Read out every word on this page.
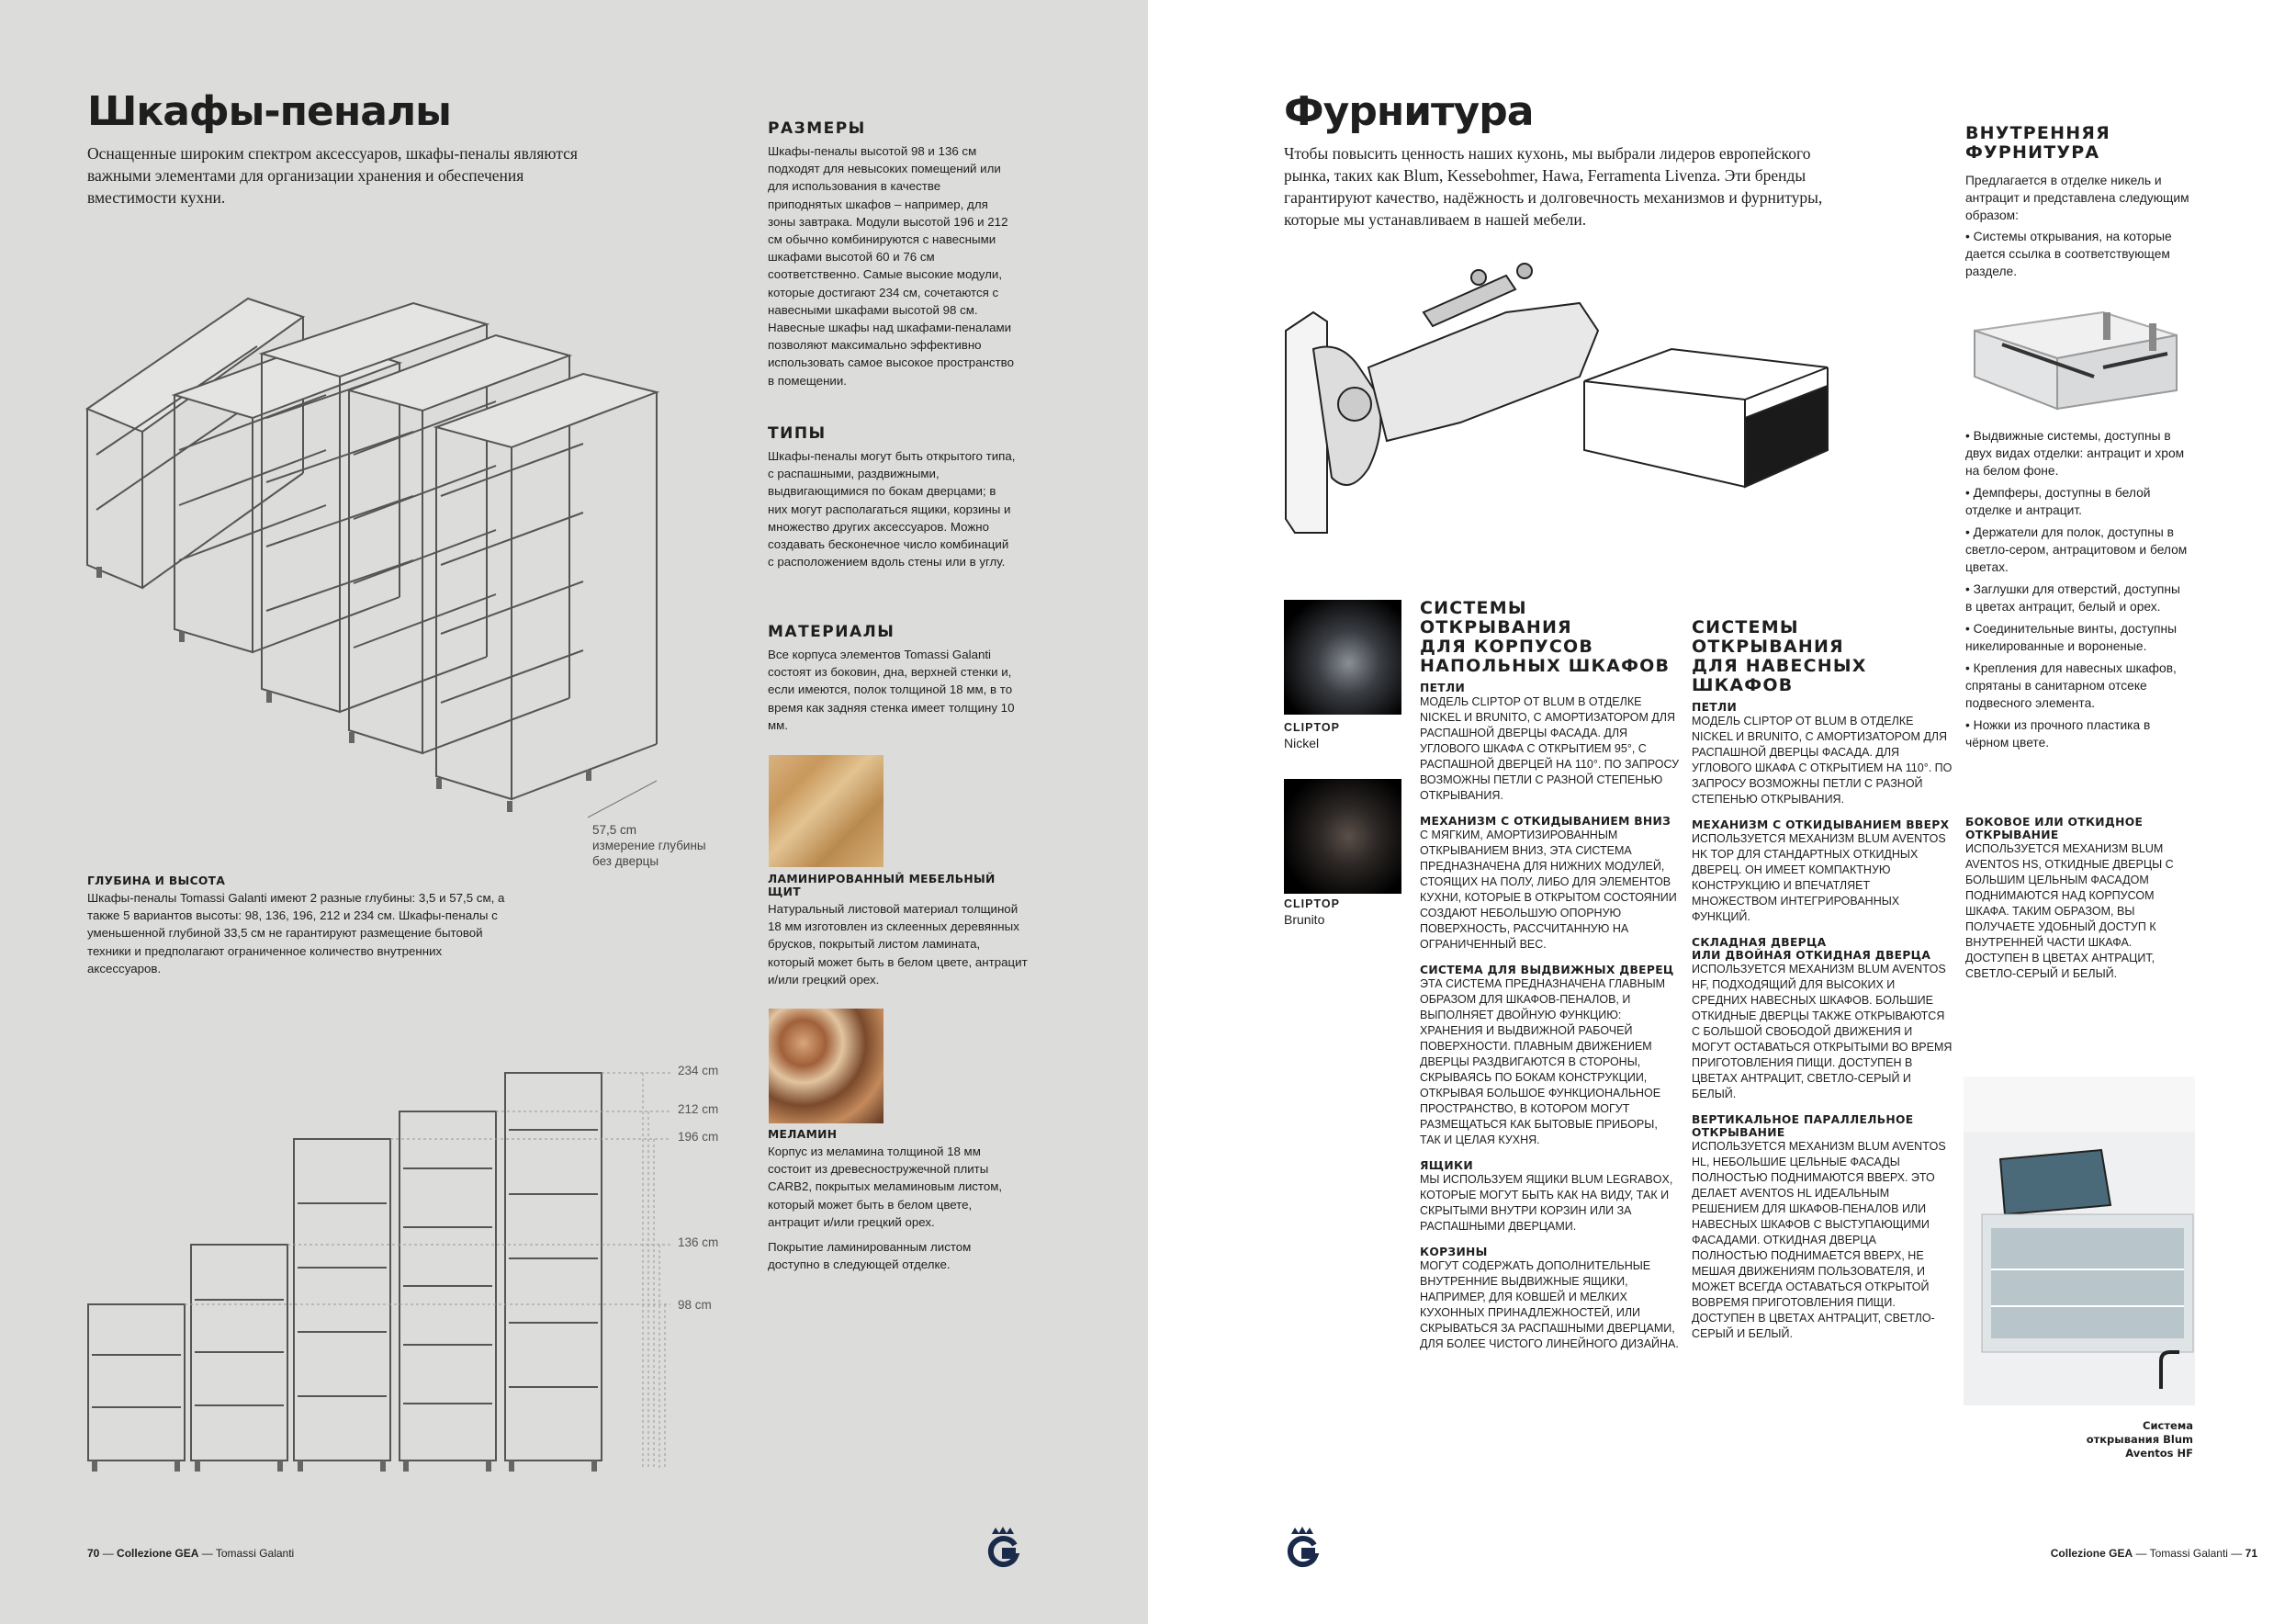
Шкафы-пеналы

Оснащенные широким спектром аксессуаров, шкафы-пеналы являются важными элементами для организации хранения и обеспечения вместимости кухни.

57,5 cm
измерение глубины
без дверцы

ГЛУБИНА И ВЫСОТА

Шкафы-пеналы Tomassi Galanti имеют 2 разные глубины: 3,5 и 57,5 см, а также 5 вариантов высоты: 98, 136, 196, 212 и 234 см. Шкафы-пеналы с уменьшенной глубиной 33,5 см не гарантируют размещение бытовой техники и предполагают ограниченное количество внутренних аксессуаров.

234 cm
212 cm
196 cm
136 cm
98 cm

РАЗМЕРЫ

Шкафы-пеналы высотой 98 и 136 см подходят для невысоких помещений или для использования в качестве приподнятых шкафов – например, для зоны завтрака. Модули высотой 196 и 212 см обычно комбинируются с навесными шкафами высотой 60 и 76 см соответственно. Самые высокие модули, которые достигают 234 см, сочетаются с навесными шкафами высотой 98 см. Навесные шкафы над шкафами-пеналами позволяют максимально эффективно использовать самое высокое пространство в помещении.

ТИПЫ

Шкафы-пеналы могут быть открытого типа, с распашными, раздвижными, выдвигающимися по бокам дверцами; в них могут располагаться ящики, корзины и множество других аксессуаров. Можно создавать бесконечное число комбинаций с расположением вдоль стены или в углу.

МАТЕРИАЛЫ

Все корпуса элементов Tomassi Galanti состоят из боковин, дна, верхней стенки и, если имеются, полок толщиной 18 мм, в то время как задняя стенка имеет толщину 10 мм.

ЛАМИНИРОВАННЫЙ МЕБЕЛЬНЫЙ ЩИТ

Натуральный листовой материал толщиной 18 мм изготовлен из склеенных деревянных брусков, покрытый листом ламината, который может быть в белом цвете, антрацит и/или грецкий орех.

МЕЛАМИН

Корпус из меламина толщиной 18 мм состоит из древесностружечной плиты CARB2, покрытых меламиновым листом, который может быть в белом цвете, антрацит и/или грецкий орех.

Покрытие ламинированным листом доступно в следующей отделке.

70 — Collezione GEA — Tomassi Galanti
Фурнитура

Чтобы повысить ценность наших кухонь, мы выбрали лидеров европейского рынка, таких как Blum, Kessebohmer, Hawa, Ferramenta Livenza. Эти бренды гарантируют качество, надёжность и долговечность механизмов и фурнитуры, которые мы устанавливаем в нашей мебели.

CLIPTOP
Nickel
CLIPTOP
Brunito

СИСТЕМЫ ОТКРЫВАНИЯ
ДЛЯ КОРПУСОВ
НАПОЛЬНЫХ ШКАФОВ

ПЕТЛИ

МОДЕЛЬ CLIPTOP ОТ BLUM В ОТДЕЛКЕ NICKEL И BRUNITO, С АМОРТИЗАТОРОМ ДЛЯ РАСПАШНОЙ ДВЕРЦЫ ФАСАДА. ДЛЯ УГЛОВОГО ШКАФА С ОТКРЫТИЕМ 95°, С РАСПАШНОЙ ДВЕРЦЕЙ НА 110°. ПО ЗАПРОСУ ВОЗМОЖНЫ ПЕТЛИ С РАЗНОЙ СТЕПЕНЬЮ ОТКРЫВАНИЯ.

МЕХАНИЗМ С ОТКИДЫВАНИЕМ ВНИЗ

С МЯГКИМ, АМОРТИЗИРОВАННЫМ ОТКРЫВАНИЕМ ВНИЗ, ЭТА СИСТЕМА ПРЕДНАЗНАЧЕНА ДЛЯ НИЖНИХ МОДУЛЕЙ, СТОЯЩИХ НА ПОЛУ, ЛИБО ДЛЯ ЭЛЕМЕНТОВ КУХНИ, КОТОРЫЕ В ОТКРЫТОМ СОСТОЯНИИ СОЗДАЮТ НЕБОЛЬШУЮ ОПОРНУЮ ПОВЕРХНОСТЬ, РАССЧИТАННУЮ НА ОГРАНИЧЕННЫЙ ВЕС.

СИСТЕМА ДЛЯ ВЫДВИЖНЫХ ДВЕРЕЦ

ЭТА СИСТЕМА ПРЕДНАЗНАЧЕНА ГЛАВНЫМ ОБРАЗОМ ДЛЯ ШКАФОВ-ПЕНАЛОВ, И ВЫПОЛНЯЕТ ДВОЙНУЮ ФУНКЦИЮ: ХРАНЕНИЯ И ВЫДВИЖНОЙ РАБОЧЕЙ ПОВЕРХНОСТИ. ПЛАВНЫМ ДВИЖЕНИЕМ ДВЕРЦЫ РАЗДВИГАЮТСЯ В СТОРОНЫ, СКРЫВАЯСЬ ПО БОКАМ КОНСТРУКЦИИ, ОТКРЫВАЯ БОЛЬШОЕ ФУНКЦИОНАЛЬНОЕ ПРОСТРАНСТВО, В КОТОРОМ МОГУТ РАЗМЕЩАТЬСЯ КАК БЫТОВЫЕ ПРИБОРЫ, ТАК И ЦЕЛАЯ КУХНЯ.

ЯЩИКИ

МЫ ИСПОЛЬЗУЕМ ЯЩИКИ BLUM LEGRABOX, КОТОРЫЕ МОГУТ БЫТЬ КАК НА ВИДУ, ТАК И СКРЫТЫМИ ВНУТРИ КОРЗИН ИЛИ ЗА РАСПАШНЫМИ ДВЕРЦАМИ.

КОРЗИНЫ

МОГУТ СОДЕРЖАТЬ ДОПОЛНИТЕЛЬНЫЕ ВНУТРЕННИЕ ВЫДВИЖНЫЕ ЯЩИКИ, НАПРИМЕР, ДЛЯ КОВШЕЙ И МЕЛКИХ КУХОННЫХ ПРИНАДЛЕЖНОСТЕЙ, ИЛИ СКРЫВАТЬСЯ ЗА РАСПАШНЫМИ ДВЕРЦАМИ, ДЛЯ БОЛЕЕ ЧИСТОГО ЛИНЕЙНОГО ДИЗАЙНА.

СИСТЕМЫ ОТКРЫВАНИЯ
ДЛЯ НАВЕСНЫХ ШКАФОВ

ПЕТЛИ

МОДЕЛЬ CLIPTOP ОТ BLUM В ОТДЕЛКЕ NICKEL И BRUNITO, С АМОРТИЗАТОРОМ ДЛЯ РАСПАШНОЙ ДВЕРЦЫ ФАСАДА. ДЛЯ УГЛОВОГО ШКАФА С ОТКРЫТИЕМ НА 110°. ПО ЗАПРОСУ ВОЗМОЖНЫ ПЕТЛИ С РАЗНОЙ СТЕПЕНЬЮ ОТКРЫВАНИЯ.

МЕХАНИЗМ С ОТКИДЫВАНИЕМ ВВЕРХ

ИСПОЛЬЗУЕТСЯ МЕХАНИЗМ BLUM AVENTOS HK TOP ДЛЯ СТАНДАРТНЫХ ОТКИДНЫХ ДВЕРЕЦ. ОН ИМЕЕТ КОМПАКТНУЮ КОНСТРУКЦИЮ И ВПЕЧАТЛЯЕТ МНОЖЕСТВОМ ИНТЕГРИРОВАННЫХ ФУНКЦИЙ.

СКЛАДНАЯ ДВЕРЦА
ИЛИ ДВОЙНАЯ ОТКИДНАЯ ДВЕРЦА

ИСПОЛЬЗУЕТСЯ МЕХАНИЗМ BLUM AVENTOS HF, ПОДХОДЯЩИЙ ДЛЯ ВЫСОКИХ И СРЕДНИХ НАВЕСНЫХ ШКАФОВ. БОЛЬШИЕ ОТКИДНЫЕ ДВЕРЦЫ ТАКЖЕ ОТКРЫВАЮТСЯ С БОЛЬШОЙ СВОБОДОЙ ДВИЖЕНИЯ И МОГУТ ОСТАВАТЬСЯ ОТКРЫТЫМИ ВО ВРЕМЯ ПРИГОТОВЛЕНИЯ ПИЩИ. ДОСТУПЕН В ЦВЕТАХ АНТРАЦИТ, СВЕТЛО-СЕРЫЙ И БЕЛЫЙ.

ВЕРТИКАЛЬНОЕ ПАРАЛЛЕЛЬНОЕ
ОТКРЫВАНИЕ

ИСПОЛЬЗУЕТСЯ МЕХАНИЗМ BLUM AVENTOS HL, НЕБОЛЬШИЕ ЦЕЛЬНЫЕ ФАСАДЫ ПОЛНОСТЬЮ ПОДНИМАЮТСЯ ВВЕРХ. ЭТО ДЕЛАЕТ AVENTOS HL ИДЕАЛЬНЫМ РЕШЕНИЕМ ДЛЯ ШКАФОВ-ПЕНАЛОВ ИЛИ НАВЕСНЫХ ШКАФОВ С ВЫСТУПАЮЩИМИ ФАСАДАМИ. ОТКИДНАЯ ДВЕРЦА ПОЛНОСТЬЮ ПОДНИМАЕТСЯ ВВЕРХ, НЕ МЕШАЯ ДВИЖЕНИЯМ ПОЛЬЗОВАТЕЛЯ, И МОЖЕТ ВСЕГДА ОСТАВАТЬСЯ ОТКРЫТОЙ ВОВРЕМЯ ПРИГОТОВЛЕНИЯ ПИЩИ. ДОСТУПЕН В ЦВЕТАХ АНТРАЦИТ, СВЕТЛО-СЕРЫЙ И БЕЛЫЙ.

ВНУТРЕННЯЯ
ФУРНИТУРА

Предлагается в отделке никель и антрацит и представлена следующим образом:

• Системы открывания, на которые дается ссылка в соответствующем разделе.
• Выдвижные системы, доступны в двух видах отделки: антрацит и хром на белом фоне.
• Демпферы, доступны в белой отделке и антрацит.
• Держатели для полок, доступны в светло-сером, антрацитовом и белом цветах.
• Заглушки для отверстий, доступны в цветах антрацит, белый и орех.
• Соединительные винты, доступны никелированные и вороненые.
• Крепления для навесных шкафов, спрятаны в санитарном отсеке подвесного элемента.
• Ножки из прочного пластика в чёрном цвете.

БОКОВОЕ ИЛИ ОТКИДНОЕ
ОТКРЫВАНИЕ

ИСПОЛЬЗУЕТСЯ МЕХАНИЗМ BLUM AVENTOS HS, ОТКИДНЫЕ ДВЕРЦЫ С БОЛЬШИМ ЦЕЛЬНЫМ ФАСАДОМ ПОДНИМАЮТСЯ НАД КОРПУСОМ ШКАФА. ТАКИМ ОБРАЗОМ, ВЫ ПОЛУЧАЕТЕ УДОБНЫЙ ДОСТУП К ВНУТРЕННЕЙ ЧАСТИ ШКАФА. ДОСТУПЕН В ЦВЕТАХ АНТРАЦИТ, СВЕТЛО-СЕРЫЙ И БЕЛЫЙ.

Система
открывания Blum
Aventos HF
Collezione GEA — Tomassi Galanti — 71
